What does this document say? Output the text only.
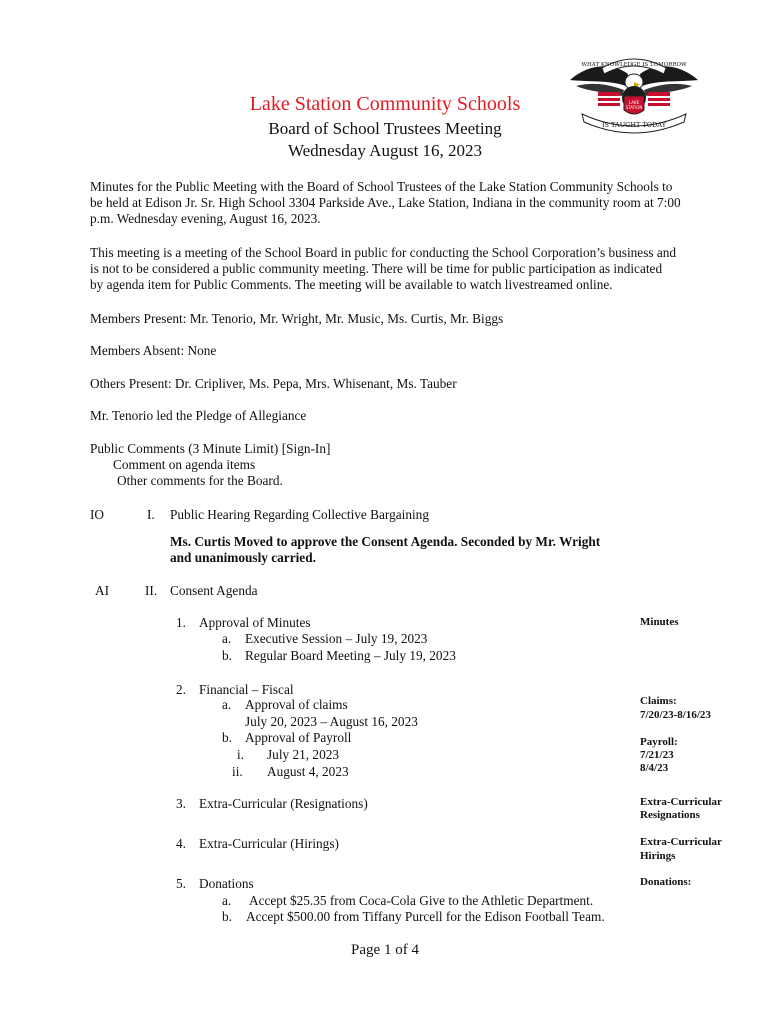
WHAT KNOWLEDGE IS TOMORROW
LAKE
STATION
IS TAUGHT TODAY
Lake Station Community Schools
Board of School Trustees Meeting
Wednesday August 16, 2023
Minutes for the Public Meeting with the Board of School Trustees of the Lake Station Community Schools to
be held at Edison Jr. Sr. High School 3304 Parkside Ave., Lake Station, Indiana in the community room at 7:00
p.m. Wednesday evening, August 16, 2023.
This meeting is a meeting of the School Board in public for conducting the School Corporation’s business and
is not to be considered a public community meeting. There will be time for public participation as indicated
by agenda item for Public Comments. The meeting will be available to watch livestreamed online.
Members Present: Mr. Tenorio, Mr. Wright, Mr. Music, Ms. Curtis, Mr. Biggs
Members Absent: None
Others Present: Dr. Cripliver, Ms. Pepa, Mrs. Whisenant, Ms. Tauber
Mr. Tenorio led the Pledge of Allegiance
Public Comments (3 Minute Limit) [Sign-In]
Comment on agenda items
Other comments for the Board.
IO	I. Public Hearing Regarding Collective Bargaining
Ms. Curtis Moved to approve the Consent Agenda. Seconded by Mr. Wright
and unanimously carried.
AI	II. Consent Agenda
1. Approval of Minutes
a. Executive Session – July 19, 2023
b. Regular Board Meeting – July 19, 2023
Minutes
2. Financial – Fiscal
a. Approval of claims
July 20, 2023 – August 16, 2023
b. Approval of Payroll
i. July 21, 2023
ii. August 4, 2023
Claims:
7/20/23-8/16/23
Payroll:
7/21/23
8/4/23
3. Extra-Curricular (Resignations)	Extra-Curricular
Resignations
4. Extra-Curricular (Hirings)	Extra-Curricular
Hirings
5. Donations
a. Accept $25.35 from Coca-Cola Give to the Athletic Department.
b. Accept $500.00 from Tiffany Purcell for the Edison Football Team.
Donations:
Page 1 of 4
